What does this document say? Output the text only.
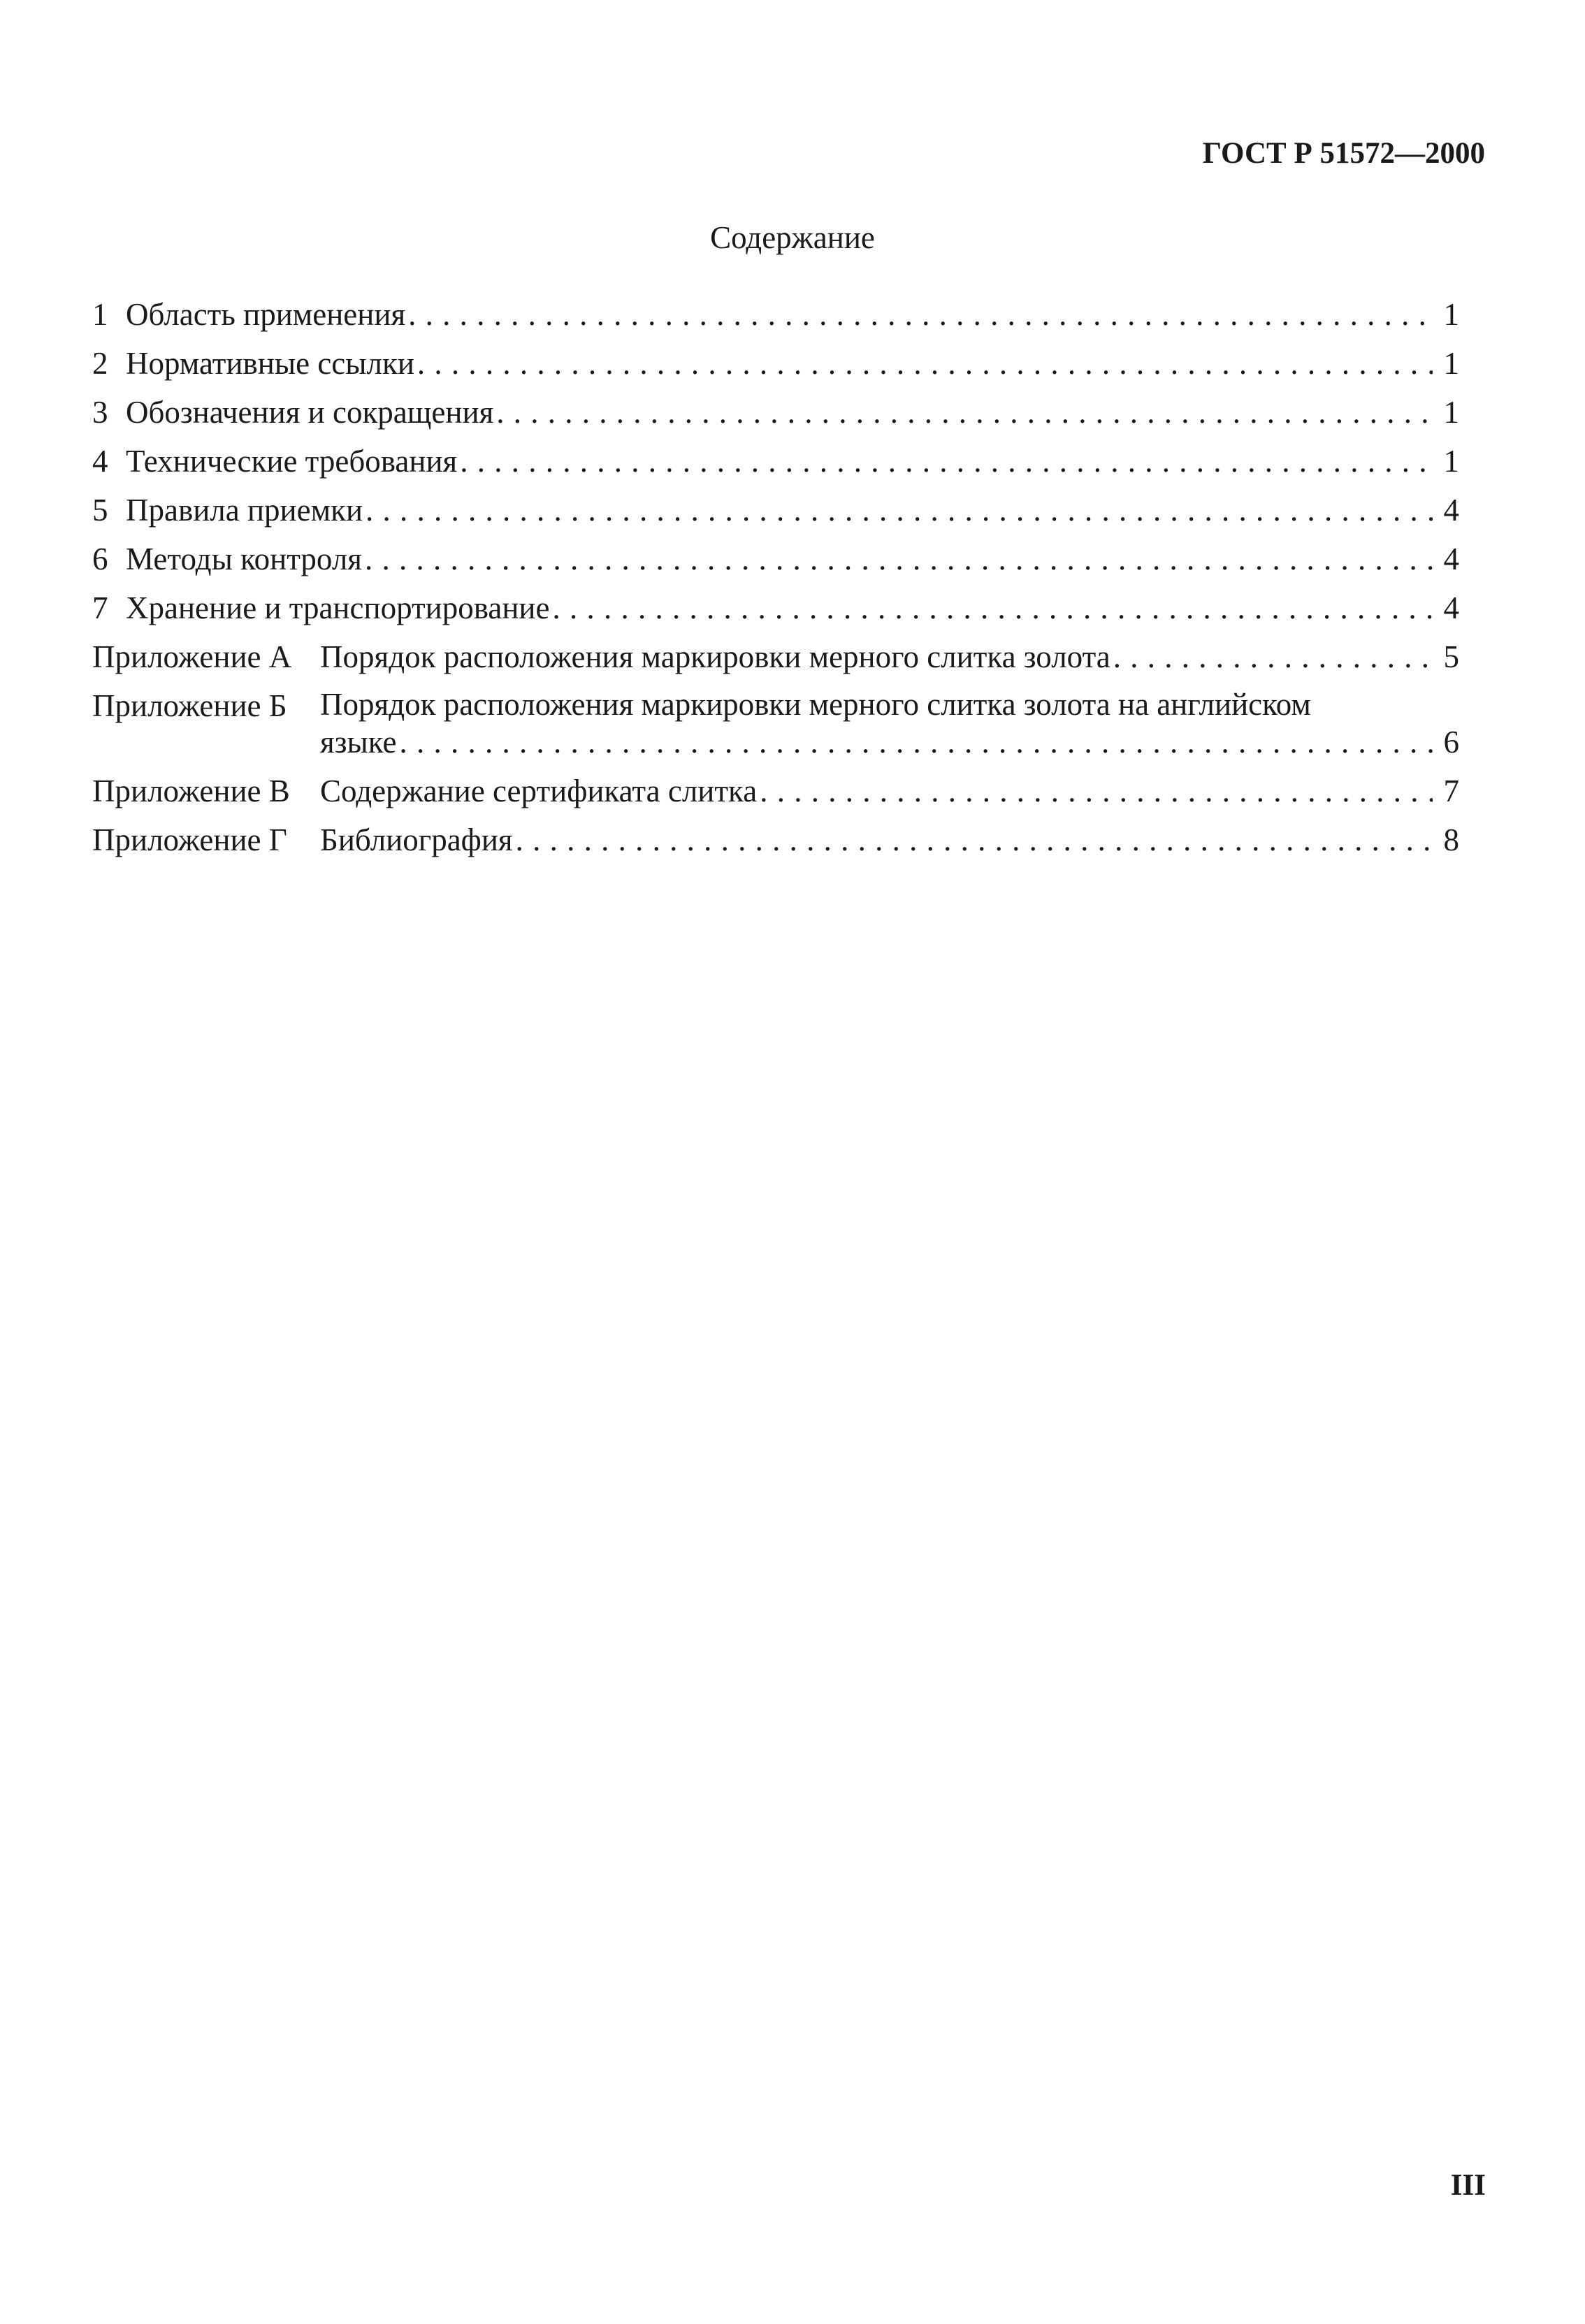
ГОСТ Р 51572—2000
Содержание
1 Область применения . . .	1
2 Нормативные ссылки . . .	1
3 Обозначения и сокращения . . .	1
4 Технические требования . . .	1
5 Правила приемки . . .	4
6 Методы контроля . . .	4
7 Хранение и транспортирование . . .	4
Приложение А Порядок расположения маркировки мерного слитка золота . . .	5
Приложение Б	Порядок расположения маркировки мерного слитка золота на английском
языке . . .	6
Приложение В Содержание сертификата слитка . . .	7
Приложение Г	Библиография . . .	8
III
